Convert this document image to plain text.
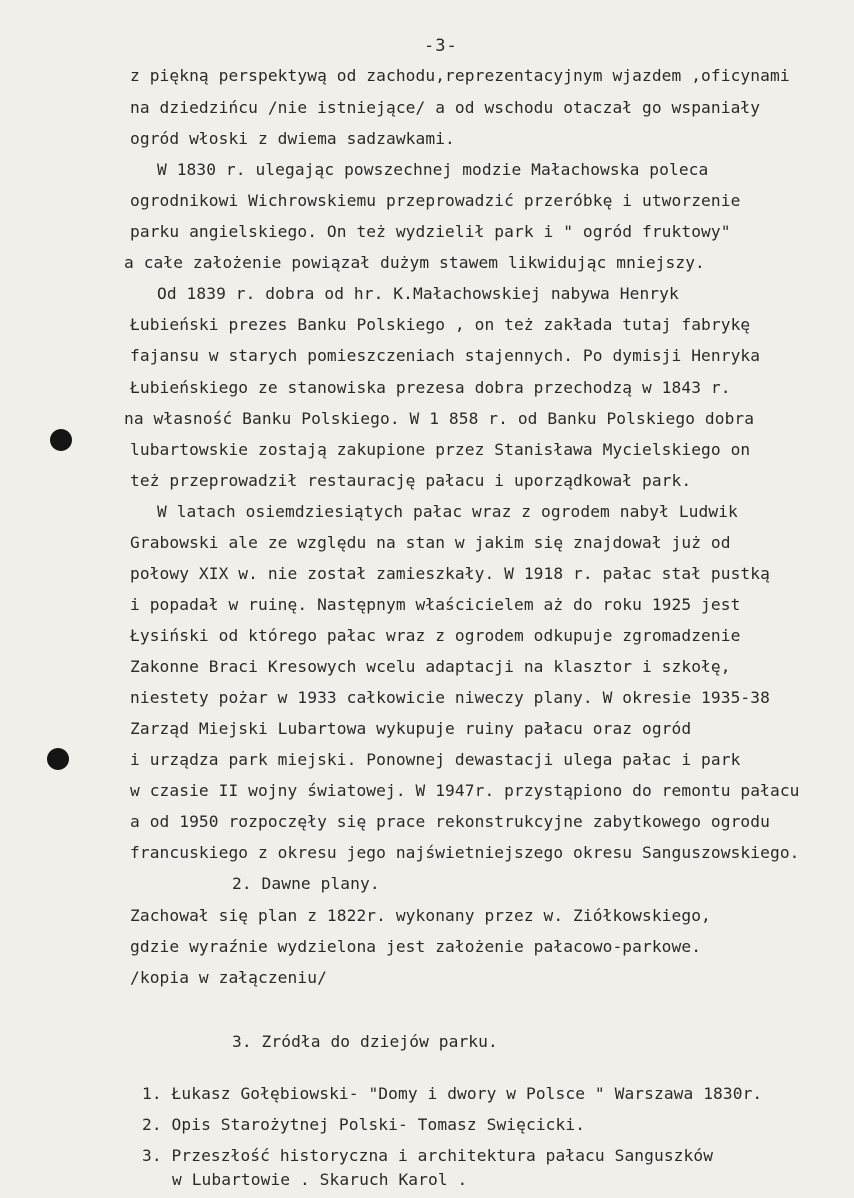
-3-
z piękną perspektywą od zachodu,reprezentacyjnym wjazdem ,oficynami
na dziedzińcu /nie istniejące/ a od wschodu otaczał go wspaniały
ogród włoski z dwiema sadzawkami.
W 1830 r. ulegając powszechnej modzie Małachowska poleca
ogrodnikowi Wichrowskiemu przeprowadzić przeróbkę i utworzenie
parku angielskiego. On też wydzielił park i " ogród fruktowy"
a całe założenie powiązał dużym stawem likwidując mniejszy.
Od 1839 r. dobra od hr. K.Małachowskiej nabywa Henryk
Łubieński prezes Banku Polskiego , on też zakłada tutaj fabrykę
fajansu w starych pomieszczeniach stajennych. Po dymisji Henryka
Łubieńskiego ze stanowiska prezesa dobra przechodzą w 1843 r.
na własność Banku Polskiego. W 1 858 r. od Banku Polskiego dobra
lubartowskie zostają zakupione przez Stanisława Mycielskiego on
też przeprowadził restaurację pałacu i uporządkował park.
W latach osiemdziesiątych pałac wraz z ogrodem nabył Ludwik
Grabowski ale ze względu na stan w jakim się znajdował już od
połowy XIX w. nie został zamieszkały. W 1918 r. pałac stał pustką
i popadał w ruinę. Następnym właścicielem aż do roku 1925 jest
Łysiński od którego pałac wraz z ogrodem odkupuje zgromadzenie
Zakonne Braci Kresowych wcelu adaptacji na klasztor i szkołę,
niestety pożar w 1933 całkowicie niweczy plany. W okresie 1935-38
Zarząd Miejski Lubartowa wykupuje ruiny pałacu oraz ogród
i urządza park miejski. Ponownej dewastacji ulega pałac i park
w czasie II wojny światowej. W 1947r. przystąpiono do remontu pałacu
a od 1950 rozpoczęły się prace rekonstrukcyjne zabytkowego ogrodu
francuskiego z okresu jego najświetniejszego okresu Sanguszowskiego.
2. Dawne plany.
Zachował się plan z 1822r. wykonany przez w. Ziółkowskiego,
gdzie wyraźnie wydzielona jest założenie pałacowo-parkowe.
/kopia w załączeniu/
3. Zródła do dziejów parku.
1. Łukasz Gołębiowski- "Domy i dwory w Polsce " Warszawa 1830r.
2. Opis Starożytnej Polski- Tomasz Swięcicki.
3. Przeszłość historyczna i architektura pałacu Sanguszków
w Lubartowie . Skaruch Karol .
